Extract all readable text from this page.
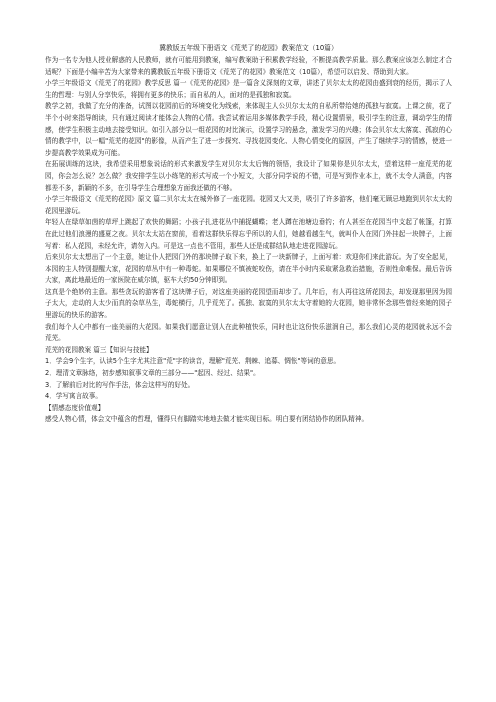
冀教版五年级下册语文《荒芜了的花园》教案范文（10篇）

作为一名专为他人授业解惑的人民教师，就有可能用到教案，编写教案助于积累教学经验，不断提高教学质量。那么教案应该怎么制定才合适呢？下面是小编辛苦为大家带来的冀教版五年级下册语文《荒芜了的花园》教案范文（10篇），希望可以启发、帮助到大家。

小学三年级语文《荒芜了的花园》教学反思 篇一《荒芜的花园》是一篇含义深刻的文章，讲述了贝尔太太的花园由盛到衰的经历，揭示了人生的哲理：与别人分享快乐，将拥有更多的快乐；而自私的人，面对的是孤独和寂寞。

教学之初，我做了充分的准备，试图以花园前后的环境变化为线索，来体现主人公贝尔太太的自私所带给她的孤独与寂寞。上课之前，花了半个小时来指导朗读，只有通过阅读才能体会人物的心情。我尝试着运用多媒体教学手段，精心设置情景，吸引学生的注意，调动学生的情感，使学生积极主动地去接受知识。如引入部分以一组花园的对比演示，设置学习的悬念，激发学习的兴趣；体会贝尔太太落寞、孤寂的心情的教学中，以一幅"荒芜的花园"的影像，从而产生了进一步探究、寻找花园变化、人物心情变化的原因，产生了继续学习的情感，使进一步提高教学效果成为可能。

在拓展训练的这块，我希望采用想象说话的形式来激发学生对贝尔太太后悔的领悟，我设计了如果你是贝尔太太，望着这样一座荒芜的花园，你会怎么说？怎么做？我安排学生以小练笔的形式写成一个小短文，大部分同学说的不错，可是写到作业本上，就不太令人满意，内容都差不多，新颖的不多，在引导学生合理想象方面我还做的不够。

小学三年级语文《荒芜的花园》原文 篇二贝尔太太在城外修了一座花园。花园又大又美，吸引了许多游客，他们毫无顾忌地跑到贝尔太太的花园里游玩。

年轻人在绿草如茵的草坪上跳起了欢快的舞蹈；小孩子扎进花丛中捕捉蝴蝶；老人蹲在池塘边垂钓；有人甚至在花园当中支起了帐篷，打算在此过他们浪漫的盛夏之夜。贝尔太太站在窗前，看着这群快乐得忘乎所以的人们，她越看越生气，就叫仆人在园门外挂起一块牌子，上面写着：私人花园，未经允许，请勿入内。可是这一点也不管用，那些人还是成群结队地走进花园游玩。

后来贝尔太太想出了一个主意，她让仆人把园门外的那块牌子取下来，换上了一块新牌子，上面写着：欢迎你们来此游玩。为了安全起见，本园的主人特别提醒大家，花园的草丛中有一种毒蛇。如果哪位不慎被蛇咬伤，请在半小时内采取紧急救治措施，否则性命难保。最后告诉大家，离此地最近的一家医院在威尔镇，驱车大约50分钟即到。

这真是个绝妙的主意。那些贪玩的游客看了这块牌子后，对这座美丽的花园望而却步了。几年后，有人再往这所花园去，却发现那里因为园子太大，走动的人太少而真的杂草丛生，毒蛇横行，几乎荒芜了。孤独、寂寞的贝尔太太守着她的大花园，她非常怀念那些曾经来她的园子里游玩的快乐的游客。

我们每个人心中都有一座美丽的大花园。如果我们愿意让别人在此种植快乐，同时也让这份快乐滋润自己，那么我们心灵的花园就永远不会荒芜。

荒芜的花园教案 篇三【知识与技能】

1．学会9个生字，认读5个生字尤其注意"荒"字的读音，理解"荒芜、荆棘、追募、惆怅"等词的意思。

2．理清文章脉络，初步感知叙事文章的三部分——"起因、经过、结果"。

3．了解前后对比的写作手法，体会这样写的好处。

4．学写寓言故事。

【情感态度价值观】

感受人物心情，体会文中蕴含的哲理，懂得只有脚踏实地地去做才能实现目标。明白要有团结协作的团队精神。
